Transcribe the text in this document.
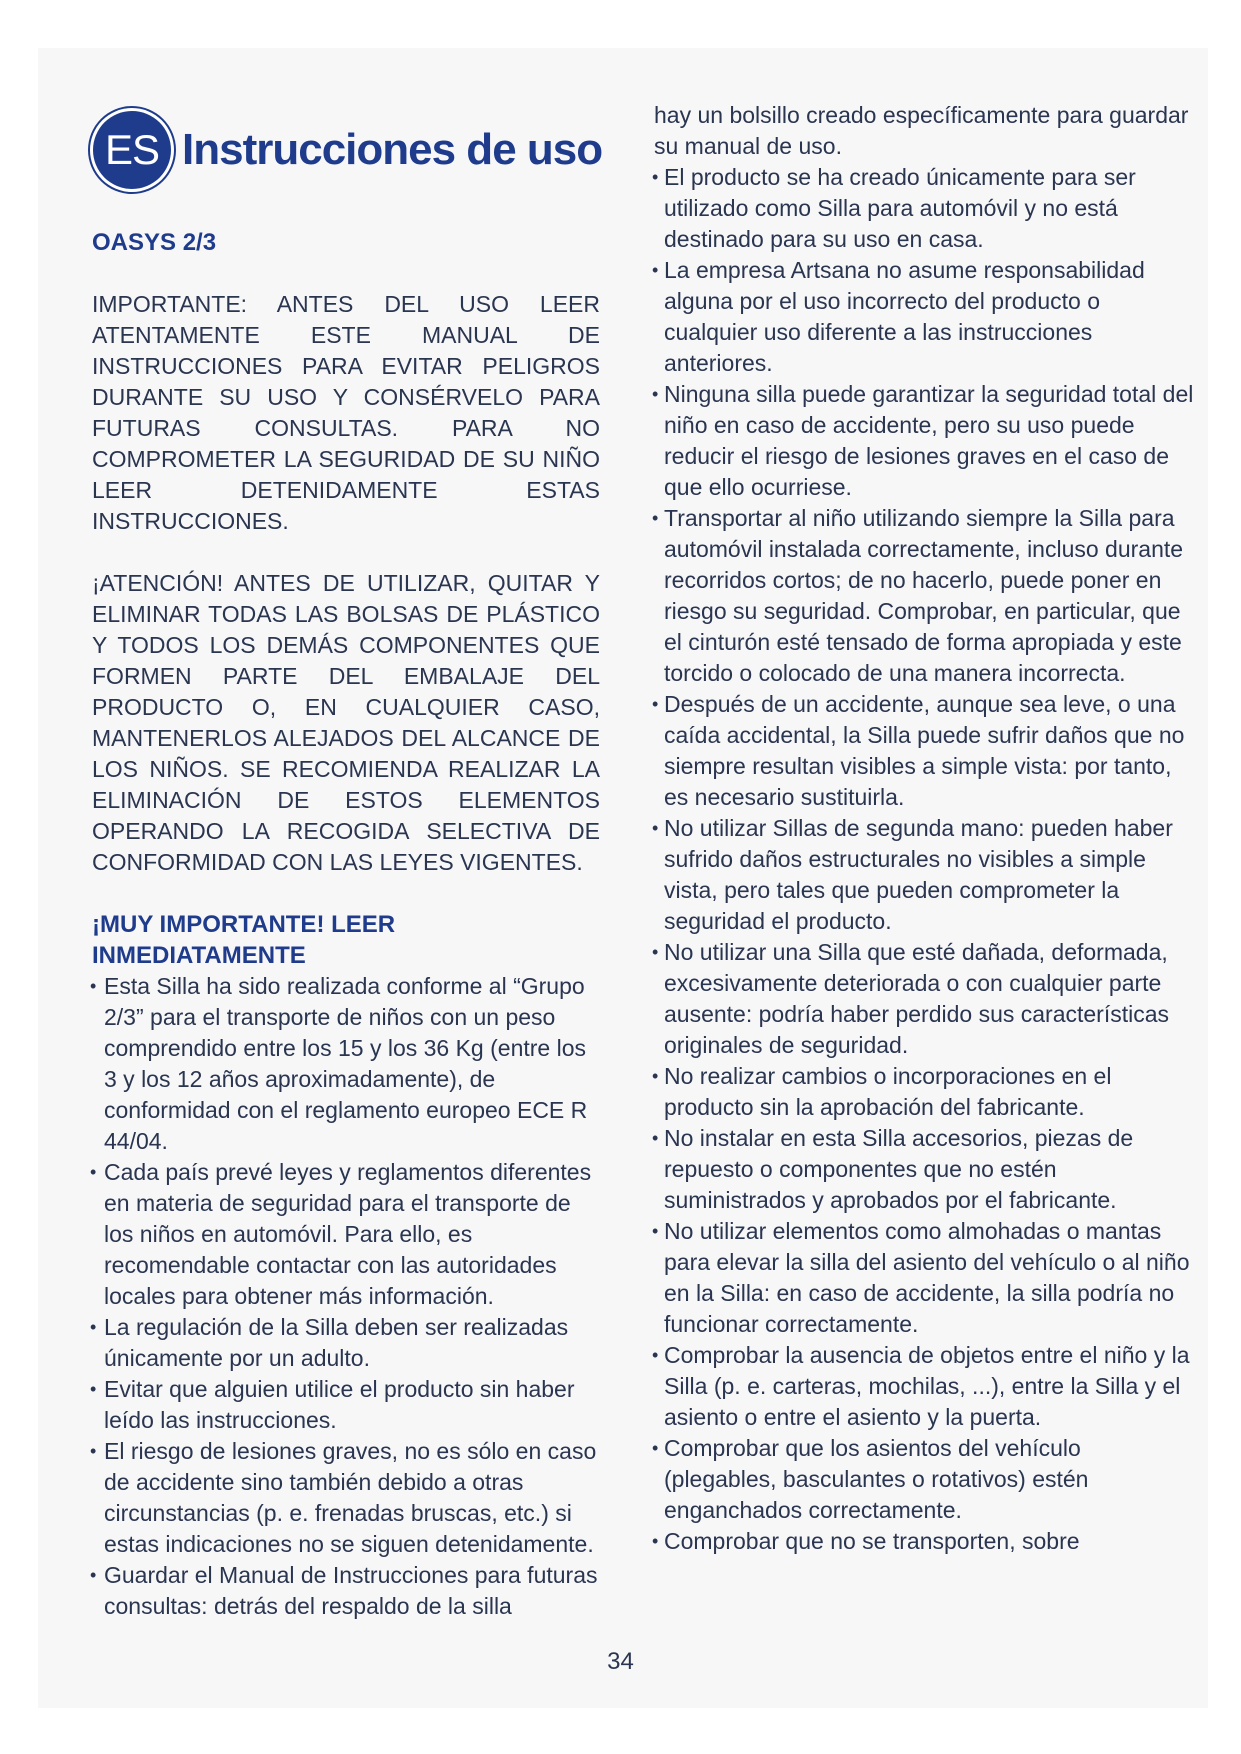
ES Instrucciones de uso

OASYS 2/3

IMPORTANTE: ANTES DEL USO LEER ATENTAMENTE ESTE MANUAL DE INSTRUCCIONES PARA EVITAR PELIGROS DURANTE SU USO Y CONSÉRVELO PARA FUTURAS CONSULTAS. PARA NO COMPROMETER LA SEGURIDAD DE SU NIÑO LEER DETENIDAMENTE ESTAS INSTRUCCIONES.

¡ATENCIÓN! ANTES DE UTILIZAR, QUITAR Y ELIMINAR TODAS LAS BOLSAS DE PLÁSTICO Y TODOS LOS DEMÁS COMPONENTES QUE FORMEN PARTE DEL EMBALAJE DEL PRODUCTO O, EN CUALQUIER CASO, MANTENERLOS ALEJADOS DEL ALCANCE DE LOS NIÑOS. SE RECOMIENDA REALIZAR LA ELIMINACIÓN DE ESTOS ELEMENTOS OPERANDO LA RECOGIDA SELECTIVA DE CONFORMIDAD CON LAS LEYES VIGENTES.

¡MUY IMPORTANTE! LEER INMEDIATAMENTE

• Esta Silla ha sido realizada conforme al “Grupo 2/3” para el transporte de niños con un peso comprendido entre los 15 y los 36 Kg (entre los 3 y los 12 años aproximadamente), de conformidad con el reglamento europeo ECE R 44/04.
• Cada país prevé leyes y reglamentos diferentes en materia de seguridad para el transporte de los niños en automóvil. Para ello, es recomendable contactar con las autoridades locales para obtener más información.
• La regulación de la Silla deben ser realizadas únicamente por un adulto.
• Evitar que alguien utilice el producto sin haber leído las instrucciones.
• El riesgo de lesiones graves, no es sólo en caso de accidente sino también debido a otras circunstancias (p. e. frenadas bruscas, etc.) si estas indicaciones no se siguen detenidamente.
• Guardar el Manual de Instrucciones para futuras consultas: detrás del respaldo de la silla

hay un bolsillo creado específicamente para guardar su manual de uso.

• El producto se ha creado únicamente para ser utilizado como Silla para automóvil y no está destinado para su uso en casa.
• La empresa Artsana no asume responsabilidad alguna por el uso incorrecto del producto o cualquier uso diferente a las instrucciones anteriores.
• Ninguna silla puede garantizar la seguridad total del niño en caso de accidente, pero su uso puede reducir el riesgo de lesiones graves en el caso de que ello ocurriese.
• Transportar al niño utilizando siempre la Silla para automóvil instalada correctamente, incluso durante recorridos cortos; de no hacerlo, puede poner en riesgo su seguridad. Comprobar, en particular, que el cinturón esté tensado de forma apropiada y este torcido o colocado de una manera incorrecta.
• Después de un accidente, aunque sea leve, o una caída accidental, la Silla puede sufrir daños que no siempre resultan visibles a simple vista: por tanto, es necesario sustituirla.
• No utilizar Sillas de segunda mano: pueden haber sufrido daños estructurales no visibles a simple vista, pero tales que pueden comprometer la seguridad el producto.
• No utilizar una Silla que esté dañada, deformada, excesivamente deteriorada o con cualquier parte ausente: podría haber perdido sus características originales de seguridad.
• No realizar cambios o incorporaciones en el producto sin la aprobación del fabricante.
• No instalar en esta Silla accesorios, piezas de repuesto o componentes que no estén suministrados y aprobados por el fabricante.
• No utilizar elementos como almohadas o mantas para elevar la silla del asiento del vehículo o al niño en la Silla: en caso de accidente, la silla podría no funcionar correctamente.
• Comprobar la ausencia de objetos entre el niño y la Silla (p. e. carteras, mochilas, ...), entre la Silla y el asiento o entre el asiento y la puerta.
• Comprobar que los asientos del vehículo (plegables, basculantes o rotativos) estén enganchados correctamente.
• Comprobar que no se transporten, sobre
34
